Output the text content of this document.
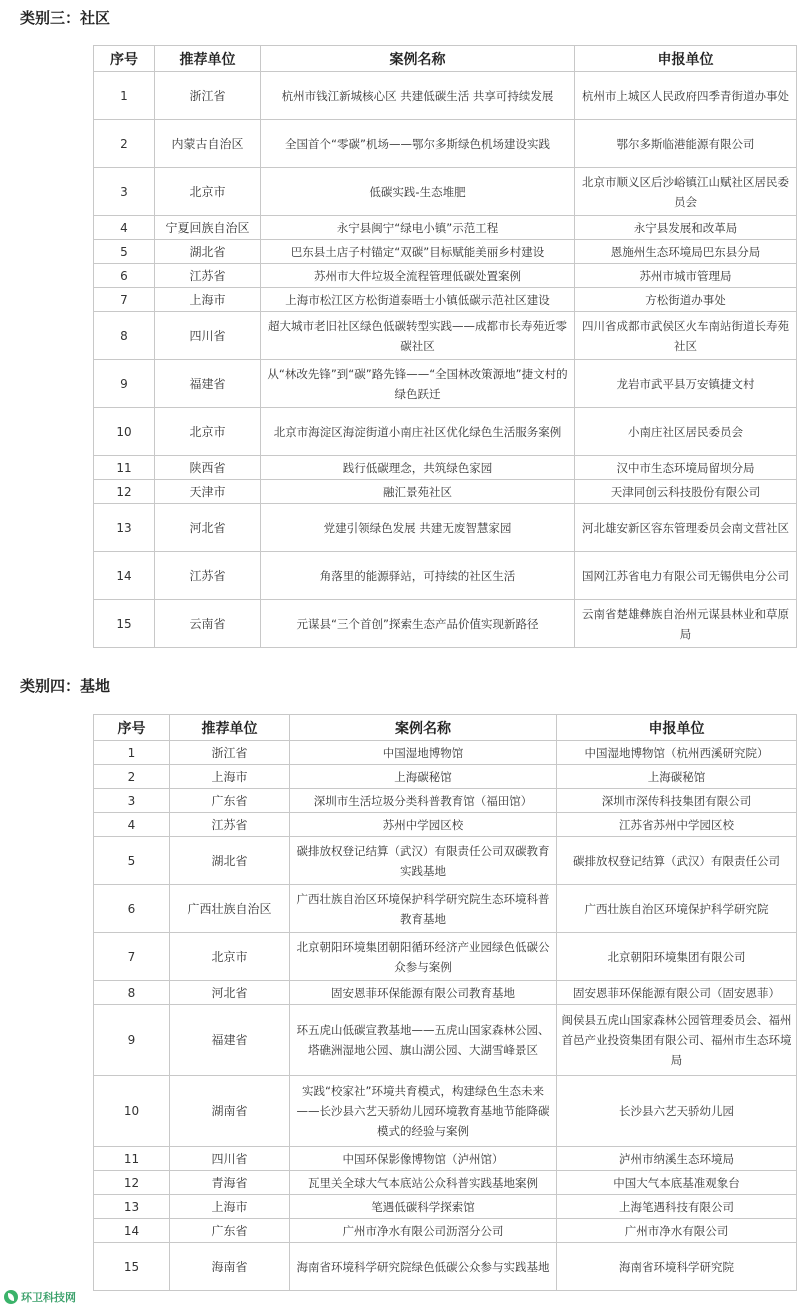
类别三：社区
序号	推荐单位	案例名称	申报单位
1	浙江省	杭州市钱江新城核心区 共建低碳生活 共享可持续发展	杭州市上城区人民政府四季青街道办事处
2	内蒙古自治区	全国首个“零碳”机场——鄂尔多斯绿色机场建设实践	鄂尔多斯临港能源有限公司
3	北京市	低碳实践-生态堆肥	北京市顺义区后沙峪镇江山赋社区居民委员会
4	宁夏回族自治区	永宁县闽宁“绿电小镇”示范工程	永宁县发展和改革局
5	湖北省	巴东县土店子村锚定“双碳”目标赋能美丽乡村建设	恩施州生态环境局巴东县分局
6	江苏省	苏州市大件垃圾全流程管理低碳处置案例	苏州市城市管理局
7	上海市	上海市松江区方松街道泰晤士小镇低碳示范社区建设	方松街道办事处
8	四川省	超大城市老旧社区绿色低碳转型实践——成都市长寿苑近零碳社区	四川省成都市武侯区火车南站街道长寿苑社区
9	福建省	从“林改先锋”到“碳”路先锋——“全国林改策源地”捷文村的绿色跃迁	龙岩市武平县万安镇捷文村
10	北京市	北京市海淀区海淀街道小南庄社区优化绿色生活服务案例	小南庄社区居民委员会
11	陕西省	践行低碳理念，共筑绿色家园	汉中市生态环境局留坝分局
12	天津市	融汇景苑社区	天津同创云科技股份有限公司
13	河北省	党建引领绿色发展 共建无废智慧家园	河北雄安新区容东管理委员会南文营社区
14	江苏省	角落里的能源驿站，可持续的社区生活	国网江苏省电力有限公司无锡供电分公司
15	云南省	元谋县“三个首创”探索生态产品价值实现新路径	云南省楚雄彝族自治州元谋县林业和草原局
类别四：基地
序号	推荐单位	案例名称	申报单位
1	浙江省	中国湿地博物馆	中国湿地博物馆（杭州西溪研究院）
2	上海市	上海碳秘馆	上海碳秘馆
3	广东省	深圳市生活垃圾分类科普教育馆（福田馆）	深圳市深传科技集团有限公司
4	江苏省	苏州中学园区校	江苏省苏州中学园区校
5	湖北省	碳排放权登记结算（武汉）有限责任公司双碳教育实践基地	碳排放权登记结算（武汉）有限责任公司
6	广西壮族自治区	广西壮族自治区环境保护科学研究院生态环境科普教育基地	广西壮族自治区环境保护科学研究院
7	北京市	北京朝阳环境集团朝阳循环经济产业园绿色低碳公众参与案例	北京朝阳环境集团有限公司
8	河北省	固安恩菲环保能源有限公司教育基地	固安恩菲环保能源有限公司（固安恩菲）
9	福建省	环五虎山低碳宣教基地——五虎山国家森林公园、塔礁洲湿地公园、旗山湖公园、大湖雪峰景区	闽侯县五虎山国家森林公园管理委员会、福州首邑产业投资集团有限公司、福州市生态环境局
10	湖南省	实践“校家社”环境共育模式，构建绿色生态未来 ——长沙县六艺天骄幼儿园环境教育基地节能降碳模式的经验与案例	长沙县六艺天骄幼儿园
11	四川省	中国环保影像博物馆（泸州馆）	泸州市纳溪生态环境局
12	青海省	瓦里关全球大气本底站公众科普实践基地案例	中国大气本底基准观象台
13	上海市	笔遇低碳科学探索馆	上海笔遇科技有限公司
14	广东省	广州市净水有限公司沥滘分公司	广州市净水有限公司
15	海南省	海南省环境科学研究院绿色低碳公众参与实践基地	海南省环境科学研究院
环卫科技网
